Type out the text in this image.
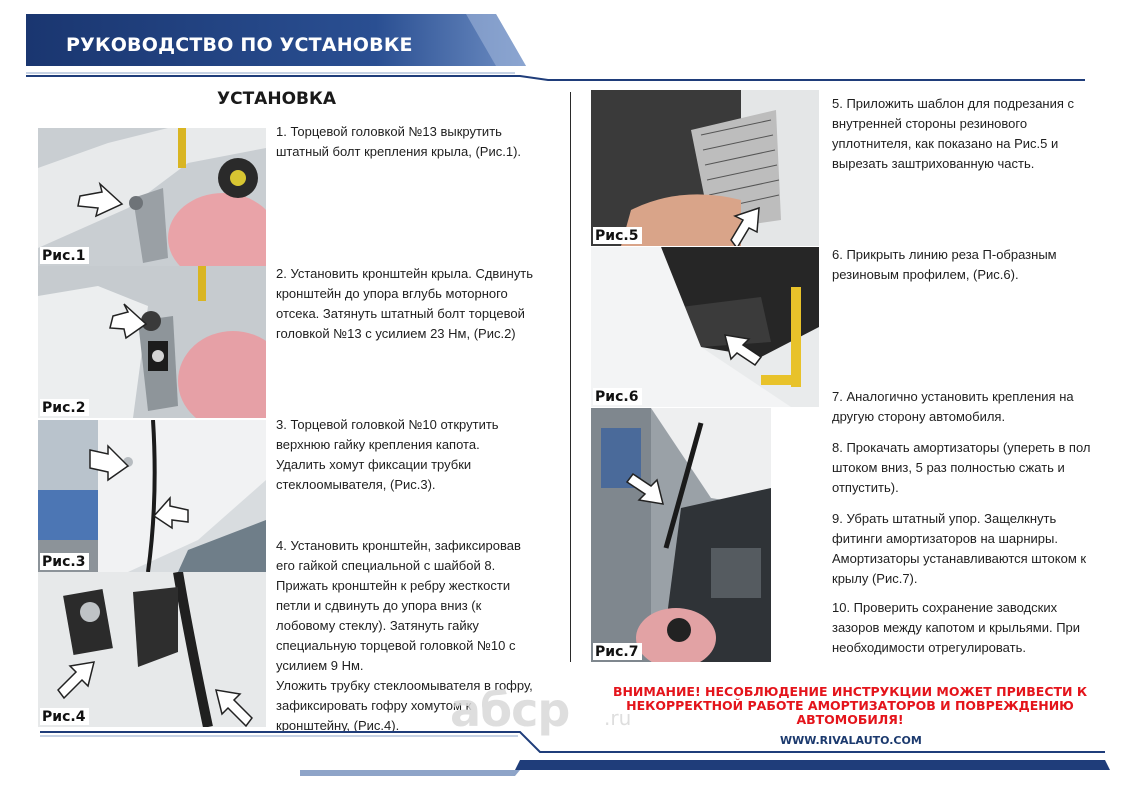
РУКОВОДСТВО ПО УСТАНОВКЕ
УСТАНОВКА
Рис.1
Рис.2
Рис.3
Рис.4
1. Торцевой головкой №13 выкрутить
штатный болт крепления крыла, (Рис.1).
2. Установить кронштейн крыла. Сдвинуть
кронштейн до упора вглубь моторного
отсека. Затянуть штатный болт торцевой
головкой №13 с усилием 23 Нм, (Рис.2)
3. Торцевой головкой №10 открутить
верхнюю гайку крепления капота.
Удалить хомут фиксации трубки
стеклоомывателя, (Рис.3).
4. Установить кронштейн, зафиксировав
его гайкой специальной с шайбой 8.
Прижать кронштейн к ребру жесткости
петли и сдвинуть до упора вниз (к
лобовому стеклу). Затянуть гайку
специальную торцевой головкой №10 с
усилием 9 Нм.
Уложить трубку стеклоомывателя в гофру,
зафиксировать гофру хомутом к
кронштейну, (Рис.4).
Рис.5
Рис.6
Рис.7
5. Приложить шаблон для подрезания с
внутренней стороны резинового
уплотнителя, как показано на Рис.5 и
вырезать заштрихованную часть.
6. Прикрыть линию реза П-образным
резиновым профилем, (Рис.6).
7. Аналогично установить крепления на
другую сторону автомобиля.
8. Прокачать амортизаторы (упереть в пол
штоком вниз, 5 раз полностью сжать и
отпустить).
9. Убрать штатный упор. Защелкнуть
фитинги амортизаторов на шарниры.
Амортизаторы устанавливаются штоком к
крылу (Рис.7).
10. Проверить сохранение заводских
зазоров между капотом и крыльями. При
необходимости отрегулировать.
абср .ru
ВНИМАНИЕ! НЕСОБЛЮДЕНИЕ ИНСТРУКЦИИ МОЖЕТ ПРИВЕСТИ К
НЕКОРРЕКТНОЙ РАБОТЕ АМОРТИЗАТОРОВ И ПОВРЕЖДЕНИЮ
АВТОМОБИЛЯ!
WWW.RIVALAUTO.COM
